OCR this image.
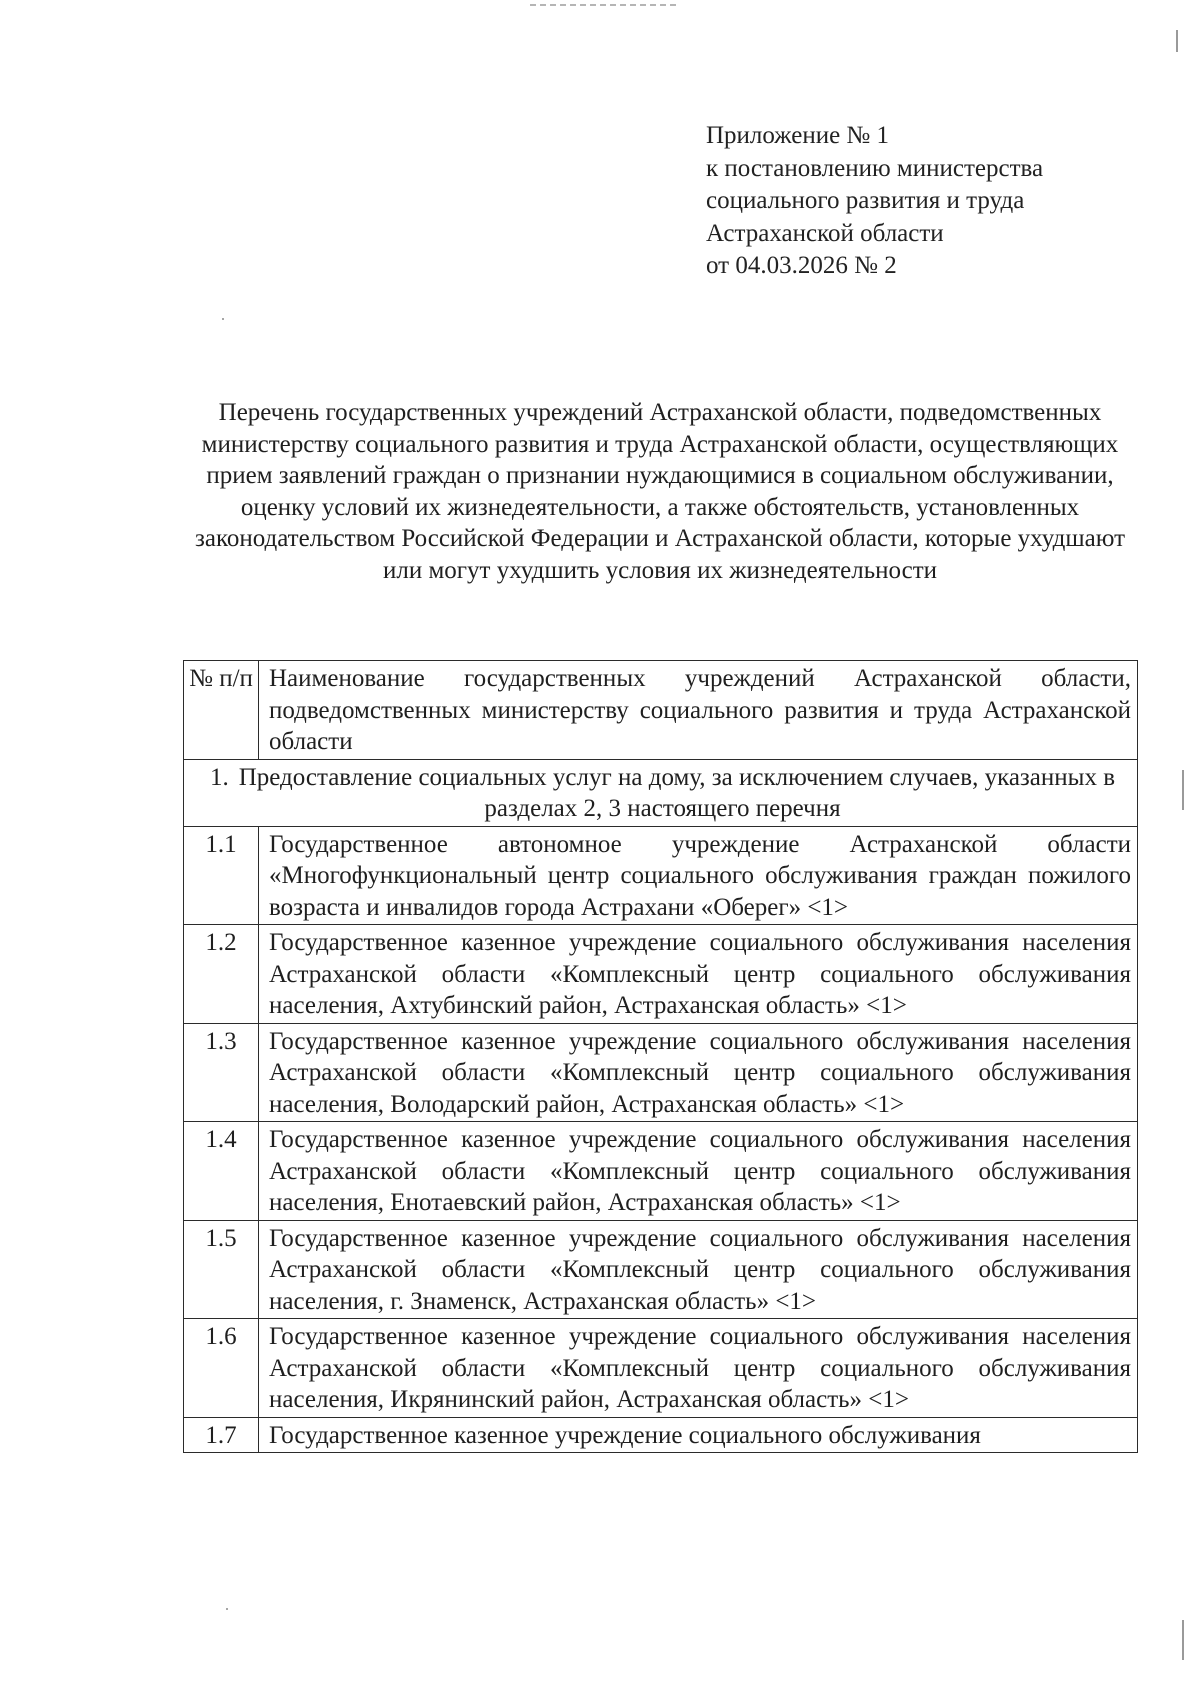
Приложение № 1
к постановлению министерства
социального развития и труда
Астраханской области
от 04.03.2026 № 2
Перечень государственных учреждений Астраханской области, подведомственных министерству социального развития и труда Астраханской области, осуществляющих прием заявлений граждан о признании нуждающимися в социальном обслуживании, оценку условий их жизнедеятельности, а также обстоятельств, установленных законодательством Российской Федерации и Астраханской области, которые ухудшают или могут ухудшить условия их жизнедеятельности
№ п/п	Наименование государственных учреждений Астраханской области, подведомственных министерству социального развития и труда Астраханской области
1. Предоставление социальных услуг на дому, за исключением случаев, указанных в разделах 2, 3 настоящего перечня	
1.1	Государственное автономное учреждение Астраханской области «Многофункциональный центр социального обслуживания граждан пожилого возраста и инвалидов города Астрахани «Оберег» <1>
1.2	Государственное казенное учреждение социального обслуживания населения Астраханской области «Комплексный центр социального обслуживания населения, Ахтубинский район, Астраханская область» <1>
1.3	Государственное казенное учреждение социального обслуживания населения Астраханской области «Комплексный центр социального обслуживания населения, Володарский район, Астраханская область» <1>
1.4	Государственное казенное учреждение социального обслуживания населения Астраханской области «Комплексный центр социального обслуживания населения, Енотаевский район, Астраханская область» <1>
1.5	Государственное казенное учреждение социального обслуживания населения Астраханской области «Комплексный центр социального обслуживания населения, г. Знаменск, Астраханская область» <1>
1.6	Государственное казенное учреждение социального обслуживания населения Астраханской области «Комплексный центр социального обслуживания населения, Икрянинский район, Астраханская область» <1>
1.7	Государственное казенное учреждение социального обслуживания
